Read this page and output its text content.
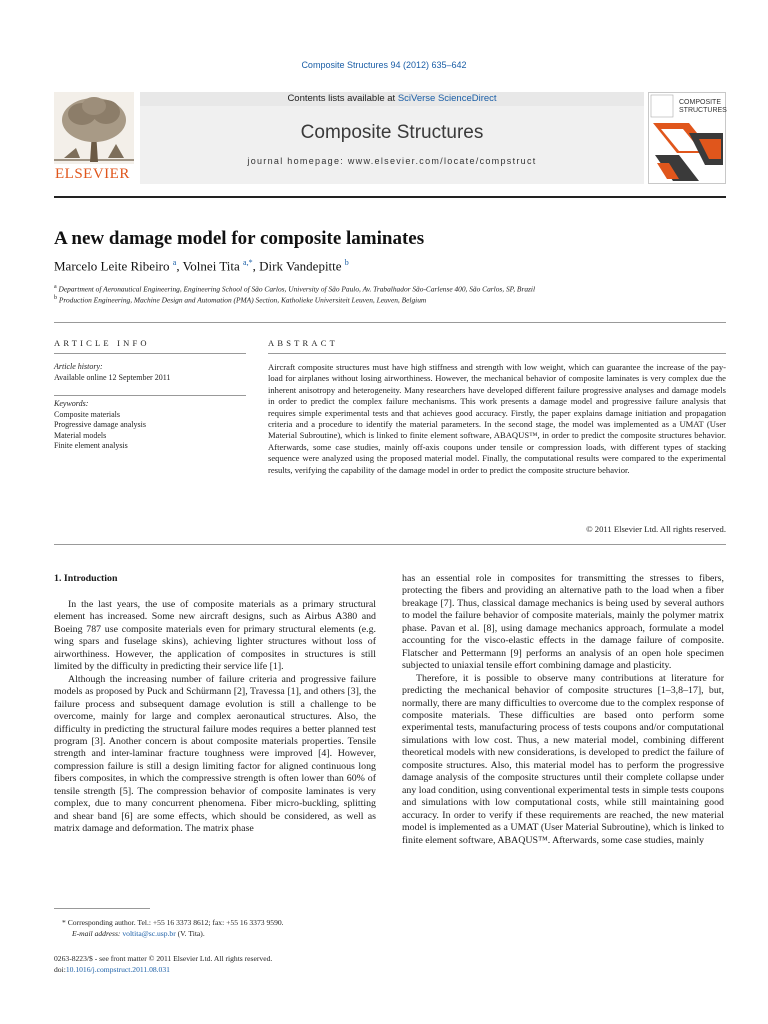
Composite Structures 94 (2012) 635–642
ELSEVIER
Contents lists available at SciVerse ScienceDirect
Composite Structures
journal homepage: www.elsevier.com/locate/compstruct
COMPOSITE
STRUCTURES
A new damage model for composite laminates
Marcelo Leite Ribeiro $^a$, Volnei Tita $^{a,*}$, Dirk Vandepitte $^b$
$^a$ Department of Aeronautical Engineering, Engineering School of São Carlos, University of São Paulo, Av. Trabalhador São-Carlense 400, São Carlos, SP, Brazil
$^b$ Production Engineering, Machine Design and Automation (PMA) Section, Katholieke Universiteit Leuven, Leuven, Belgium
ARTICLE INFO
Article history:
Available online 12 September 2011
Keywords:
Composite materials
Progressive damage analysis
Material models
Finite element analysis
ABSTRACT

Aircraft composite structures must have high stiffness and strength with low weight, which can guarantee the increase of the pay-load for airplanes without losing airworthiness. However, the mechanical behavior of composite laminates is very complex due the inherent anisotropy and heterogeneity. Many researchers have developed different failure progressive analyses and damage models in order to predict the complex failure mechanisms. This work presents a damage model and progressive failure analysis that requires simple experimental tests and that achieves good accuracy. Firstly, the paper explains damage initiation and propagation criteria and a procedure to identify the material parameters. In the second stage, the model was implemented as a UMAT (User Material Subroutine), which is linked to finite element software, ABAQUS™, in order to predict the composite structures behavior. Afterwards, some case studies, mainly off-axis coupons under tensile or compression loads, with different types of stacking sequence were analyzed using the proposed material model. Finally, the computational results were compared to the experimental results, verifying the capability of the damage model in order to predict the composite structure behavior.

© 2011 Elsevier Ltd. All rights reserved.
1. Introduction

In the last years, the use of composite materials as a primary structural element has increased. Some new aircraft designs, such as Airbus A380 and Boeing 787 use composite materials even for primary structural elements (e.g. wing spars and fuselage skins), achieving lighter structures without loss of airworthiness. However, the application of composites in structures is still limited by the difficulty in predicting their service life [1].

Although the increasing number of failure criteria and progressive failure models as proposed by Puck and Schürmann [2], Travessa [1], and others [3], the failure process and subsequent damage evolution is still a challenge to be overcome, mainly for large and complex aeronautical structures. Also, the difficulty in predicting the structural failure modes requires a better planned test program [3]. Another concern is about composite materials properties. Tensile strength and inter-laminar fracture toughness were improved [4]. However, compression failure is still a design limiting factor for aligned continuous long fibers composites, in which the compressive strength is often lower than 60% of tensile strength [5]. The compression behavior of composite laminates is very complex, due to many concurrent phenomena. Fiber micro-buckling, splitting and shear band [6] are some effects, which should be considered, as well as matrix damage and deformation. The matrix phase

has an essential role in composites for transmitting the stresses to fibers, protecting the fibers and providing an alternative path to the load when a fiber breakage [7]. Thus, classical damage mechanics is being used by several authors to model the failure behavior of composite materials, mainly the polymer matrix phase. Pavan et al. [8], using damage mechanics approach, formulate a model accounting for the visco-elastic effects in the damage failure of composite. Flatscher and Pettermann [9] performs an analysis of an open hole specimen subjected to uniaxial tensile effort combining damage and plasticity.

Therefore, it is possible to observe many contributions at literature for predicting the mechanical behavior of composite structures [1–3,8–17], but, normally, there are many difficulties to overcome due to the complex response of composite materials. These difficulties are based onto perform some experimental tests, manufacturing process of tests coupons and/or computational simulations with low cost. Thus, a new material model, combining different theoretical models with new considerations, is developed to predict the failure of composite structures. Also, this material model has to perform the progressive damage analysis of the composite structures until their complete collapse under any load condition, using conventional experimental tests in simple tests coupons and simulations with low computational costs, while still maintaining good accuracy. In order to verify if these requirements are reached, the new material model is implemented as a UMAT (User Material Subroutine), which is linked to finite element software, ABAQUS™. Afterwards, some case studies, mainly

* Corresponding author. Tel.: +55 16 3373 8612; fax: +55 16 3373 9590.
E-mail address: voltita@sc.usp.br (V. Tita).
0263-8223/$ - see front matter © 2011 Elsevier Ltd. All rights reserved.
doi:10.1016/j.compstruct.2011.08.031
